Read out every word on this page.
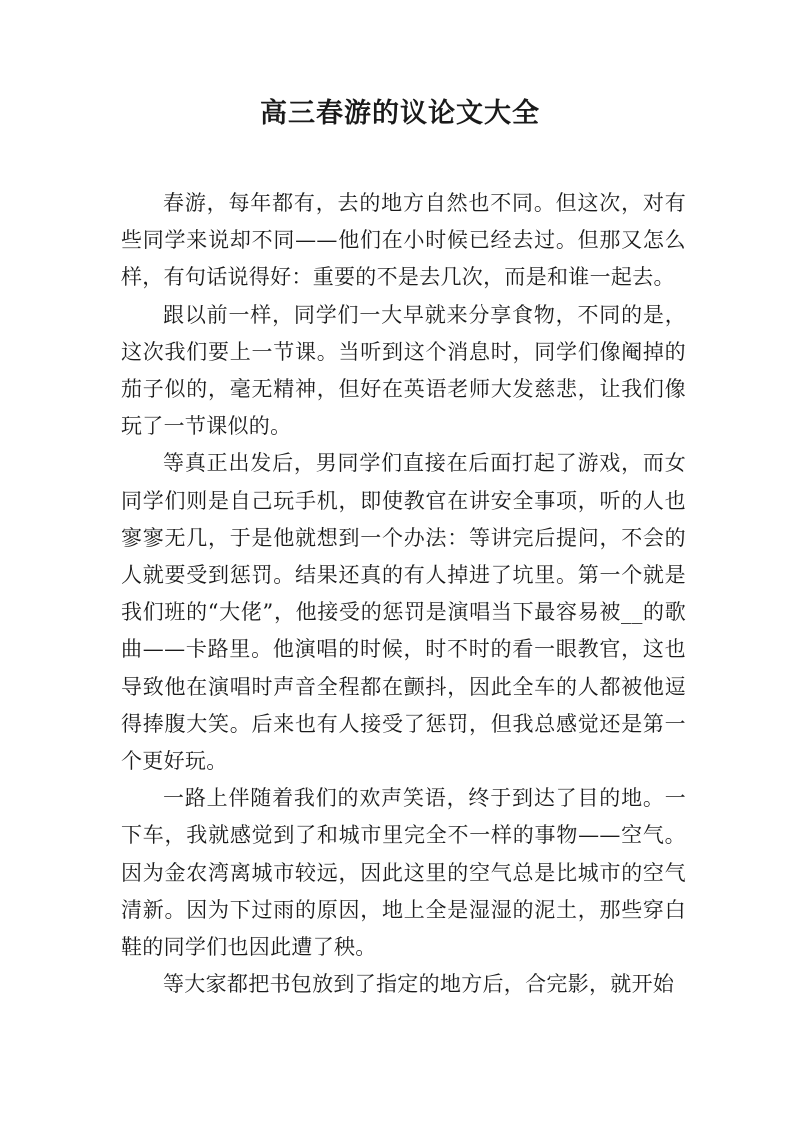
高三春游的议论文大全

春游，每年都有，去的地方自然也不同。但这次，对有些同学来说却不同——他们在小时候已经去过。但那又怎么样，有句话说得好：重要的不是去几次，而是和谁一起去。

跟以前一样，同学们一大早就来分享食物，不同的是，这次我们要上一节课。当听到这个消息时，同学们像阉掉的茄子似的，毫无精神，但好在英语老师大发慈悲，让我们像玩了一节课似的。

等真正出发后，男同学们直接在后面打起了游戏，而女同学们则是自己玩手机，即使教官在讲安全事项，听的人也寥寥无几，于是他就想到一个办法：等讲完后提问，不会的人就要受到惩罚。结果还真的有人掉进了坑里。第一个就是我们班的“大佬”，他接受的惩罚是演唱当下最容易被__的歌曲——卡路里。他演唱的时候，时不时的看一眼教官，这也导致他在演唱时声音全程都在颤抖，因此全车的人都被他逗得捧腹大笑。后来也有人接受了惩罚，但我总感觉还是第一个更好玩。

一路上伴随着我们的欢声笑语，终于到达了目的地。一下车，我就感觉到了和城市里完全不一样的事物——空气。因为金农湾离城市较远，因此这里的空气总是比城市的空气清新。因为下过雨的原因，地上全是湿湿的泥土，那些穿白鞋的同学们也因此遭了秧。

等大家都把书包放到了指定的地方后，合完影，就开始
